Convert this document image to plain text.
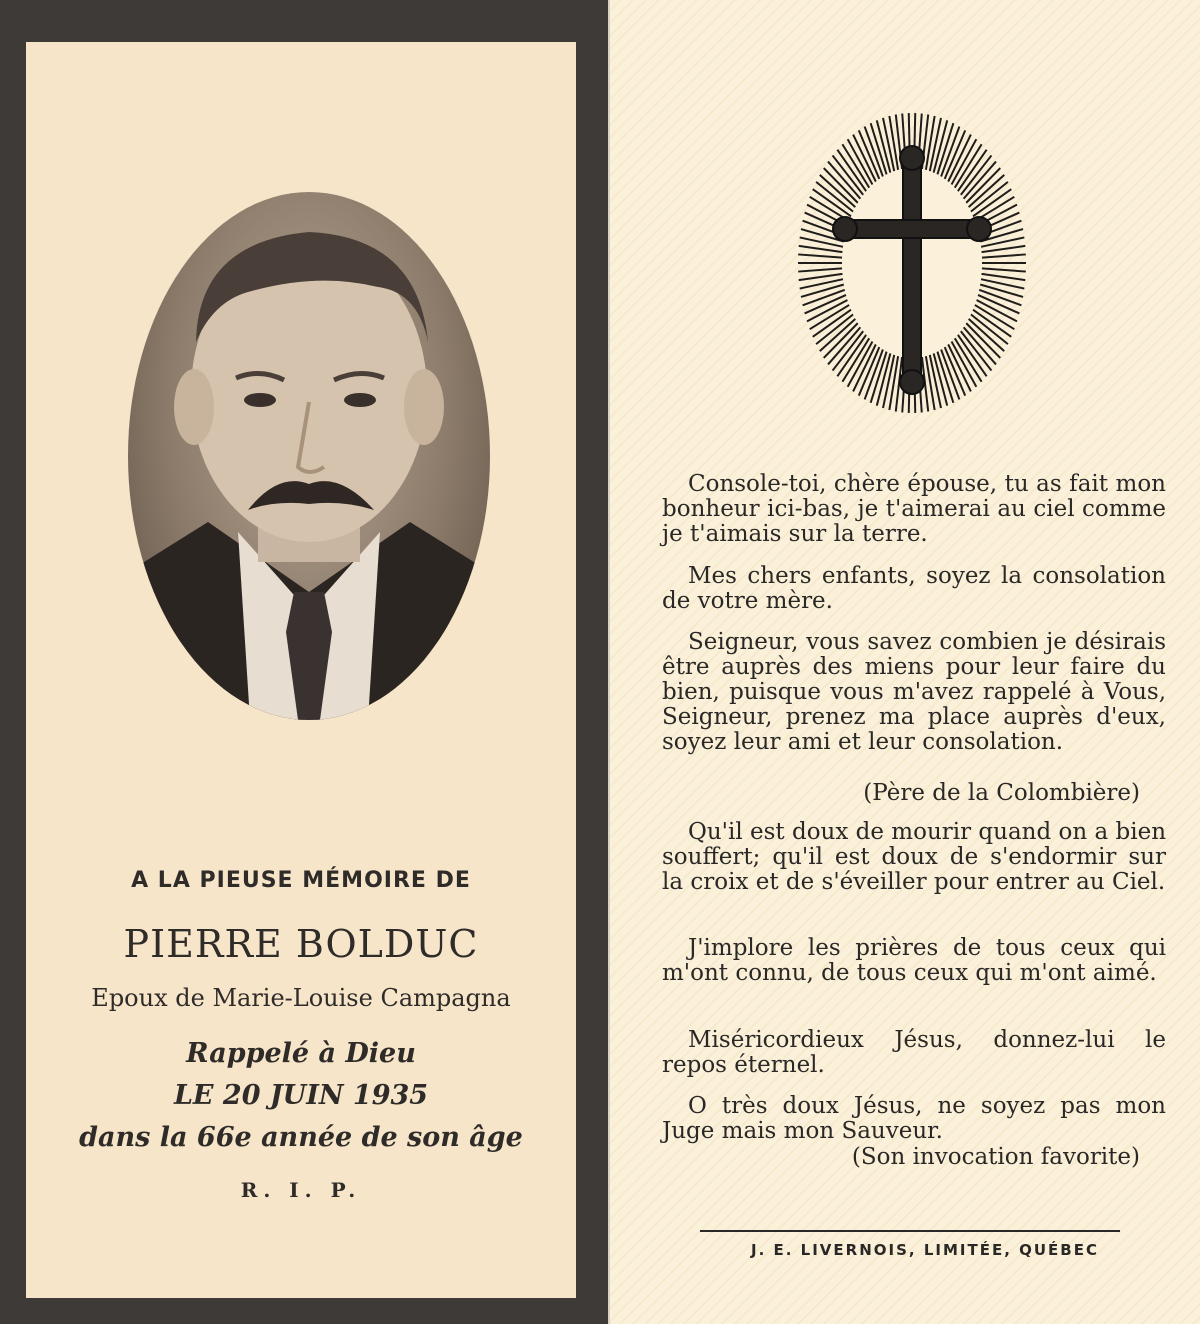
A LA PIEUSE MÉMOIRE DE
PIERRE BOLDUC
Epoux de Marie-Louise Campagna
Rappelé à Dieu
LE 20 JUIN 1935
dans la 66e année de son âge
R. I. P.

Console-toi, chère épouse, tu as fait mon bonheur ici-bas, je t'aimerai au ciel comme je t'aimais sur la terre.

Mes chers enfants, soyez la consolation de votre mère.

Seigneur, vous savez combien je désirais être auprès des miens pour leur faire du bien, puisque vous m'avez rappelé à Vous, Seigneur, prenez ma place auprès d'eux, soyez leur ami et leur consolation.

(Père de la Colombière)

Qu'il est doux de mourir quand on a bien souffert; qu'il est doux de s'endormir sur la croix et de s'éveiller pour entrer au Ciel.

J'implore les prières de tous ceux qui m'ont connu, de tous ceux qui m'ont aimé.

Miséricordieux Jésus, donnez-lui le repos éternel.

O très doux Jésus, ne soyez pas mon Juge mais mon Sauveur.

(Son invocation favorite)
J. E. LIVERNOIS, LIMITÉE, QUÉBEC
